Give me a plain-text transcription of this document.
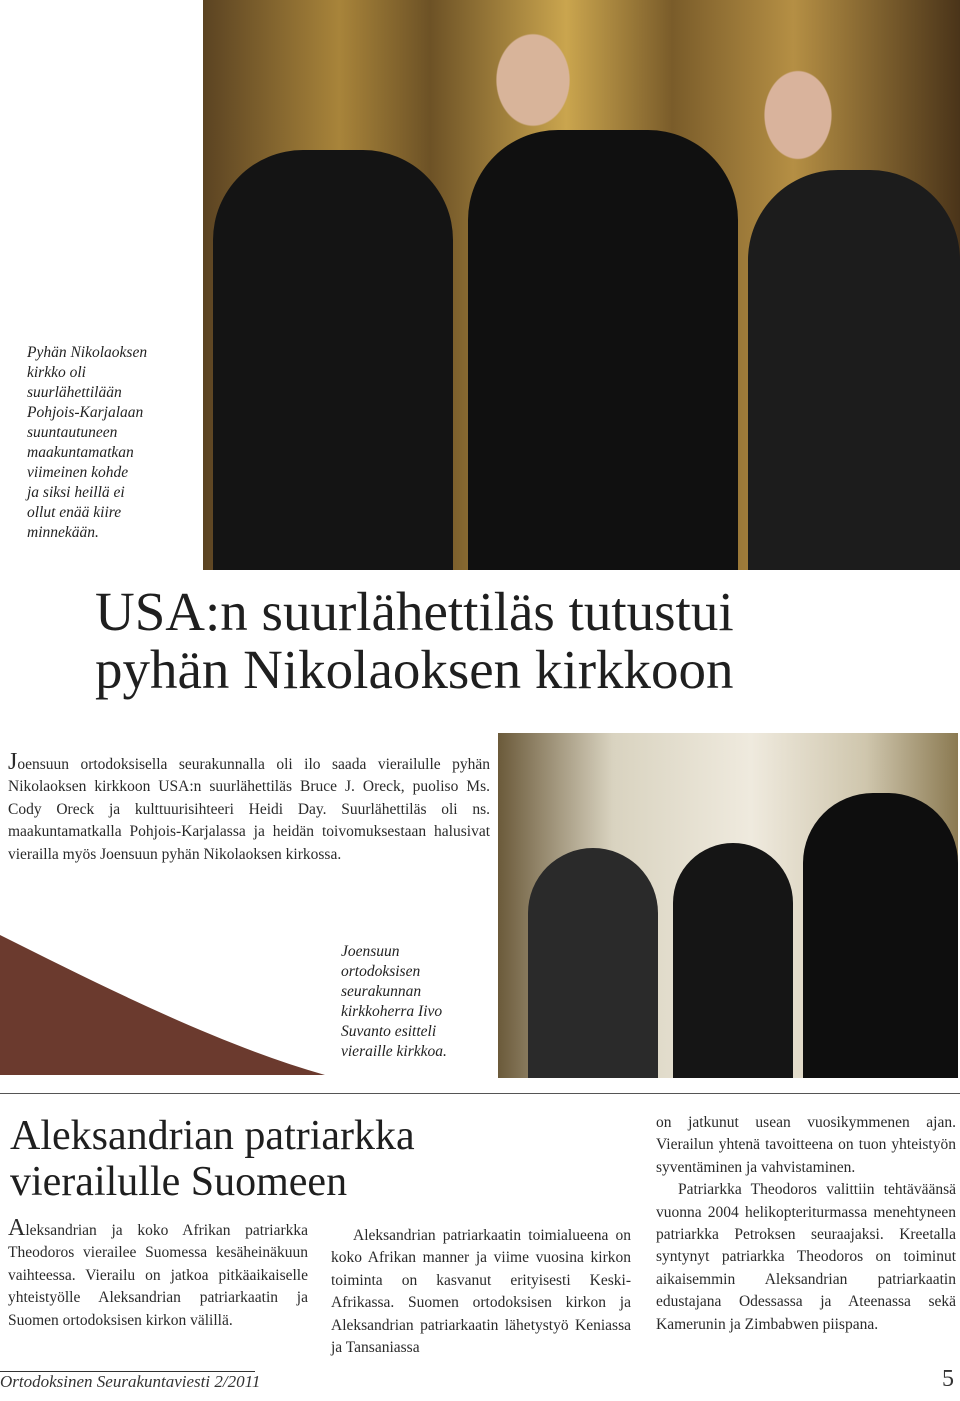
Pyhän Nikolaoksen
kirkko oli
suurlähettilään
Pohjois-Karjalaan
suuntautuneen
maakuntamatkan
viimeinen kohde
ja siksi heillä ei
ollut enää kiire
minnekään.
USA:n suurlähettiläs tutustui
pyhän Nikolaoksen kirkkoon
Joensuun ortodoksisella seurakunnalla oli ilo saada vierailulle pyhän Nikolaoksen kirkkoon USA:n suurlähettiläs Bruce J. Oreck, puoliso Ms. Cody Oreck ja kulttuurisihteeri Heidi Day. Suurlähettiläs oli ns. maakuntamatkalla Pohjois-Karjalassa ja heidän toivomuksestaan halusivat vierailla myös Joensuun pyhän Nikolaoksen kirkossa.
Joensuun
ortodoksisen
seurakunnan
kirkkoherra Iivo
Suvanto esitteli
vieraille kirkkoa.
Aleksandrian patriarkka
vierailulle Suomeen
Aleksandrian ja koko Afrikan patriarkka Theodoros vierailee Suomessa kesäheinäkuun vaihteessa. Vierailu on jatkoa pitkäaikaiselle yhteistyölle Aleksandrian patriarkaatin ja Suomen ortodoksisen kirkon välillä.
Aleksandrian patriarkaatin toimialueena on koko Afrikan manner ja viime vuosina kirkon toiminta on kasvanut erityisesti Keski-Afrikassa. Suomen ortodoksisen kirkon ja Aleksandrian patriarkaatin lähetystyö Keniassa ja Tansaniassa
on jatkunut usean vuosikymmenen ajan. Vierailun yhtenä tavoitteena on tuon yhteistyön syventäminen ja vahvistaminen.
Patriarkka Theodoros valittiin tehtäväänsä vuonna 2004 helikopteriturmassa menehtyneen patriarkka Petroksen seuraajaksi. Kreetalla syntynyt patriarkka Theodoros on toiminut aikaisemmin Aleksandrian patriarkaatin edustajana Odessassa ja Ateenassa sekä Kamerunin ja Zimbabwen piispana.
Ortodoksinen Seurakuntaviesti 2/2011	5
